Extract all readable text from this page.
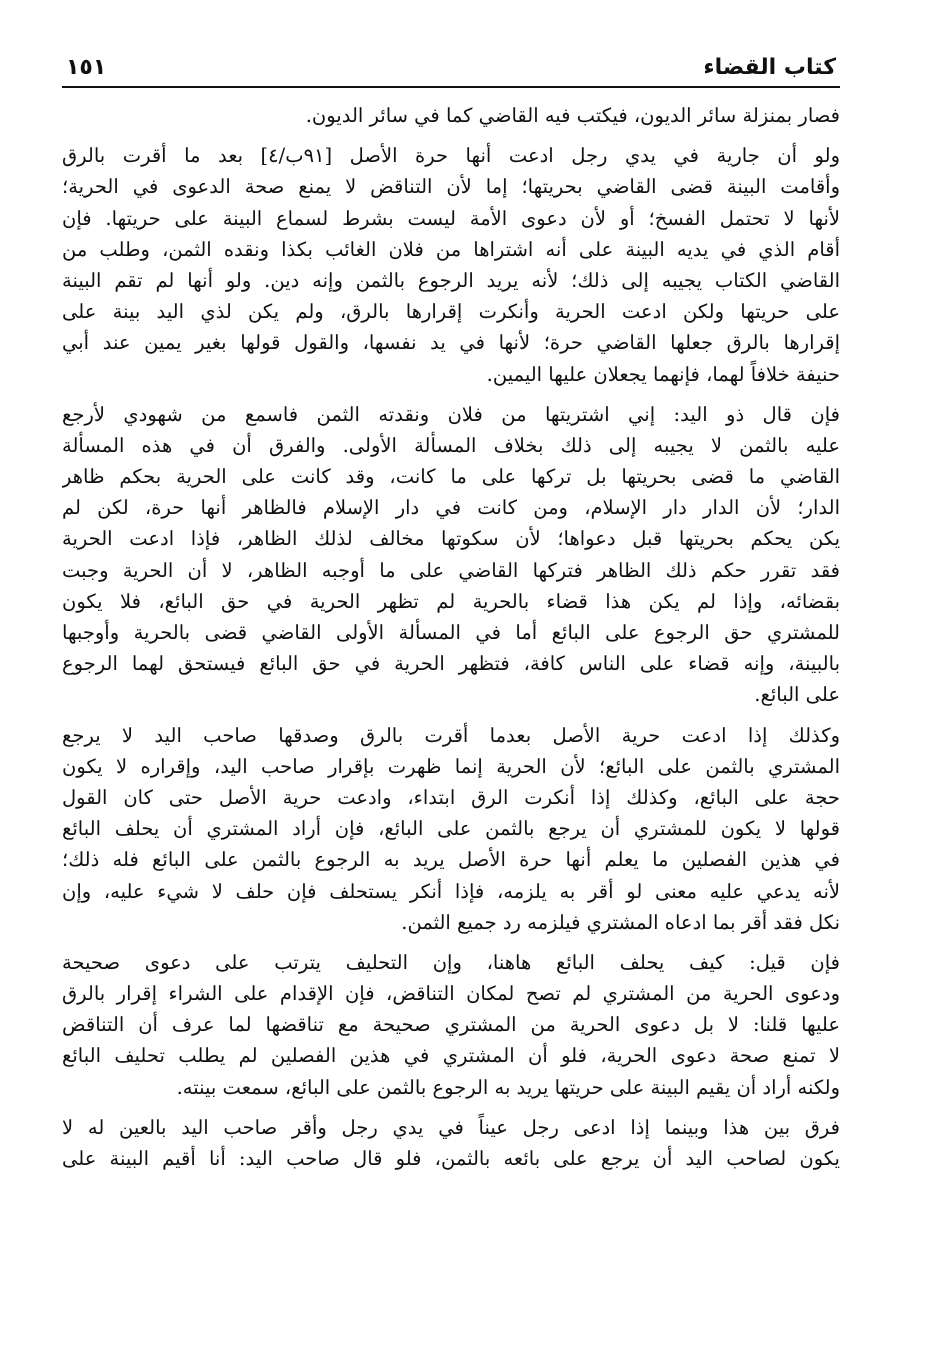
كتاب القضاء
١٥١
فصار بمنزلة سائر الديون، فيكتب فيه القاضي كما في سائر الديون.
ولو أن جارية في يدي رجل ادعت أنها حرة الأصل [٩١ب/٤] بعد ما أقرت بالرق
وأقامت البينة قضى القاضي بحريتها؛ إما لأن التناقض لا يمنع صحة الدعوى في الحرية؛
لأنها لا تحتمل الفسخ؛ أو لأن دعوى الأمة ليست بشرط لسماع البينة على حريتها. فإن
أقام الذي في يديه البينة على أنه اشتراها من فلان الغائب بكذا ونقده الثمن، وطلب من
القاضي الكتاب يجيبه إلى ذلك؛ لأنه يريد الرجوع بالثمن وإنه دين. ولو أنها لم تقم البينة
على حريتها ولكن ادعت الحرية وأنكرت إقرارها بالرق، ولم يكن لذي اليد بينة على
إقرارها بالرق جعلها القاضي حرة؛ لأنها في يد نفسها، والقول قولها بغير يمين عند أبي
حنيفة خلافاً لهما، فإنهما يجعلان عليها اليمين.
فإن قال ذو اليد: إني اشتريتها من فلان ونقدته الثمن فاسمع من شهودي لأرجع
عليه بالثمن لا يجيبه إلى ذلك بخلاف المسألة الأولى. والفرق أن في هذه المسألة
القاضي ما قضى بحريتها بل تركها على ما كانت، وقد كانت على الحرية بحكم ظاهر
الدار؛ لأن الدار دار الإسلام، ومن كانت في دار الإسلام فالظاهر أنها حرة، لكن لم
يكن يحكم بحريتها قبل دعواها؛ لأن سكوتها مخالف لذلك الظاهر، فإذا ادعت الحرية
فقد تقرر حكم ذلك الظاهر فتركها القاضي على ما أوجبه الظاهر، لا أن الحرية وجبت
بقضائه، وإذا لم يكن هذا قضاء بالحرية لم تظهر الحرية في حق البائع، فلا يكون
للمشتري حق الرجوع على البائع أما في المسألة الأولى القاضي قضى بالحرية وأوجبها
بالبينة، وإنه قضاء على الناس كافة، فتظهر الحرية في حق البائع فيستحق لهما الرجوع
على البائع.
وكذلك إذا ادعت حرية الأصل بعدما أقرت بالرق وصدقها صاحب اليد لا يرجع
المشتري بالثمن على البائع؛ لأن الحرية إنما ظهرت بإقرار صاحب اليد، وإقراره لا يكون
حجة على البائع، وكذلك إذا أنكرت الرق ابتداء، وادعت حرية الأصل حتى كان القول
قولها لا يكون للمشتري أن يرجع بالثمن على البائع، فإن أراد المشتري أن يحلف البائع
في هذين الفصلين ما يعلم أنها حرة الأصل يريد به الرجوع بالثمن على البائع فله ذلك؛
لأنه يدعي عليه معنى لو أقر به يلزمه، فإذا أنكر يستحلف فإن حلف لا شيء عليه، وإن
نكل فقد أقر بما ادعاه المشتري فيلزمه رد جميع الثمن.
فإن قيل: كيف يحلف البائع هاهنا، وإن التحليف يترتب على دعوى صحيحة
ودعوى الحرية من المشتري لم تصح لمكان التناقض، فإن الإقدام على الشراء إقرار بالرق
عليها قلنا: لا بل دعوى الحرية من المشتري صحيحة مع تناقضها لما عرف أن التناقض
لا تمنع صحة دعوى الحرية، فلو أن المشتري في هذين الفصلين لم يطلب تحليف البائع
ولكنه أراد أن يقيم البينة على حريتها يريد به الرجوع بالثمن على البائع، سمعت بينته.
فرق بين هذا وبينما إذا ادعى رجل عيناً في يدي رجل وأقر صاحب اليد بالعين له لا
يكون لصاحب اليد أن يرجع على بائعه بالثمن، فلو قال صاحب اليد: أنا أقيم البينة على
